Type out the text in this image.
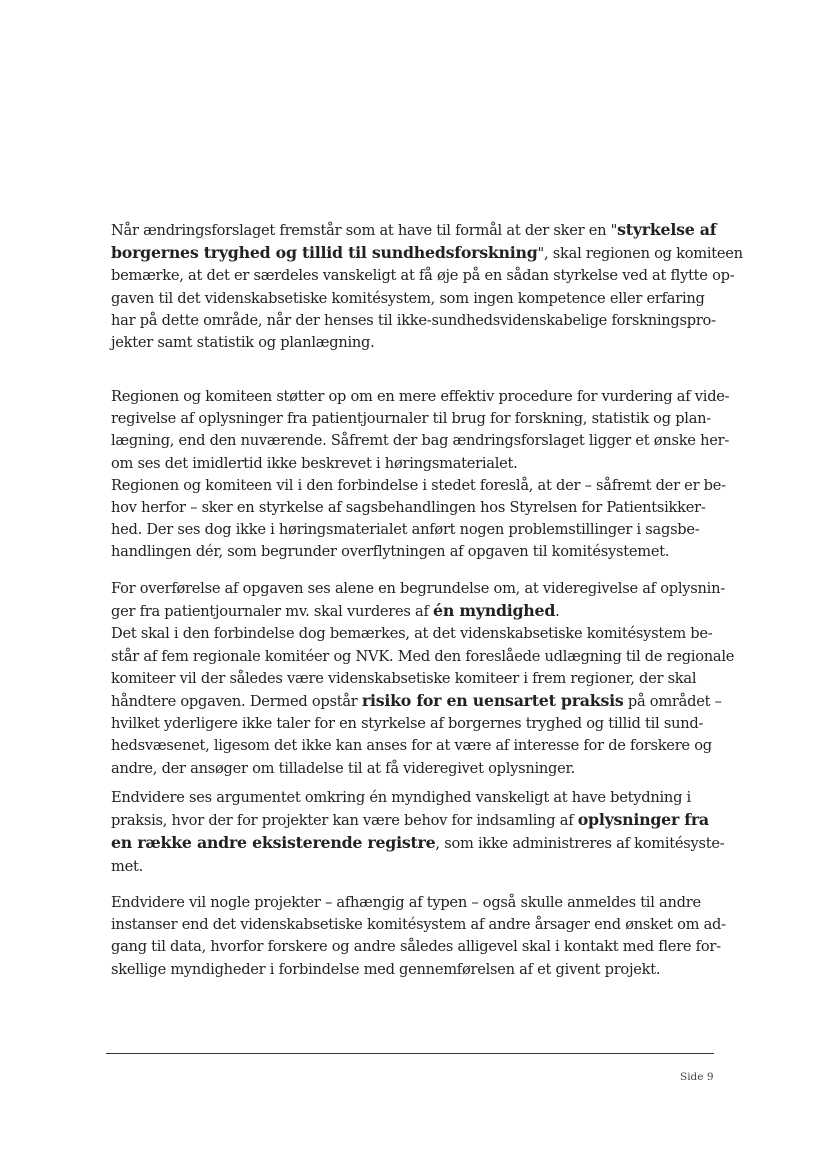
Når ændringsforslaget fremstår som at have til formål at der sker en "styrkelse af
borgernes tryghed og tillid til sundhedsforskning", skal regionen og komiteen
bemærke, at det er særdeles vanskeligt at få øje på en sådan styrkelse ved at flytte op-
gaven til det videnskabsetiske komitésystem, som ingen kompetence eller erfaring
har på dette område, når der henses til ikke-sundhedsvidenskabelige forskningspro-
jekter samt statistik og planlægning.
Regionen og komiteen støtter op om en mere effektiv procedure for vurdering af vide-
regivelse af oplysninger fra patientjournaler til brug for forskning, statistik og plan-
lægning, end den nuværende. Såfremt der bag ændringsforslaget ligger et ønske her-
om ses det imidlertid ikke beskrevet i høringsmaterialet.
Regionen og komiteen vil i den forbindelse i stedet foreslå, at der – såfremt der er be-
hov herfor – sker en styrkelse af sagsbehandlingen hos Styrelsen for Patientsikker-
hed. Der ses dog ikke i høringsmaterialet anført nogen problemstillinger i sagsbe-
handlingen dér, som begrunder overflytningen af opgaven til komitésystemet.
For overførelse af opgaven ses alene en begrundelse om, at videregivelse af oplysnin-
ger fra patientjournaler mv. skal vurderes af én myndighed.
Det skal i den forbindelse dog bemærkes, at det videnskabsetiske komitésystem be-
står af fem regionale komitéer og NVK. Med den foreslåede udlægning til de regionale
komiteer vil der således være videnskabsetiske komiteer i frem regioner, der skal
håndtere opgaven. Dermed opstår risiko for en uensartet praksis på området –
hvilket yderligere ikke taler for en styrkelse af borgernes tryghed og tillid til sund-
hedsvæsenet, ligesom det ikke kan anses for at være af interesse for de forskere og
andre, der ansøger om tilladelse til at få videregivet oplysninger.
Endvidere ses argumentet omkring én myndighed vanskeligt at have betydning i
praksis, hvor der for projekter kan være behov for indsamling af oplysninger fra
en række andre eksisterende registre, som ikke administreres af komitésyste-
met.
Endvidere vil nogle projekter – afhængig af typen – også skulle anmeldes til andre
instanser end det videnskabsetiske komitésystem af andre årsager end ønsket om ad-
gang til data, hvorfor forskere og andre således alligevel skal i kontakt med flere for-
skellige myndigheder i forbindelse med gennemførelsen af et givent projekt.
Side 9
